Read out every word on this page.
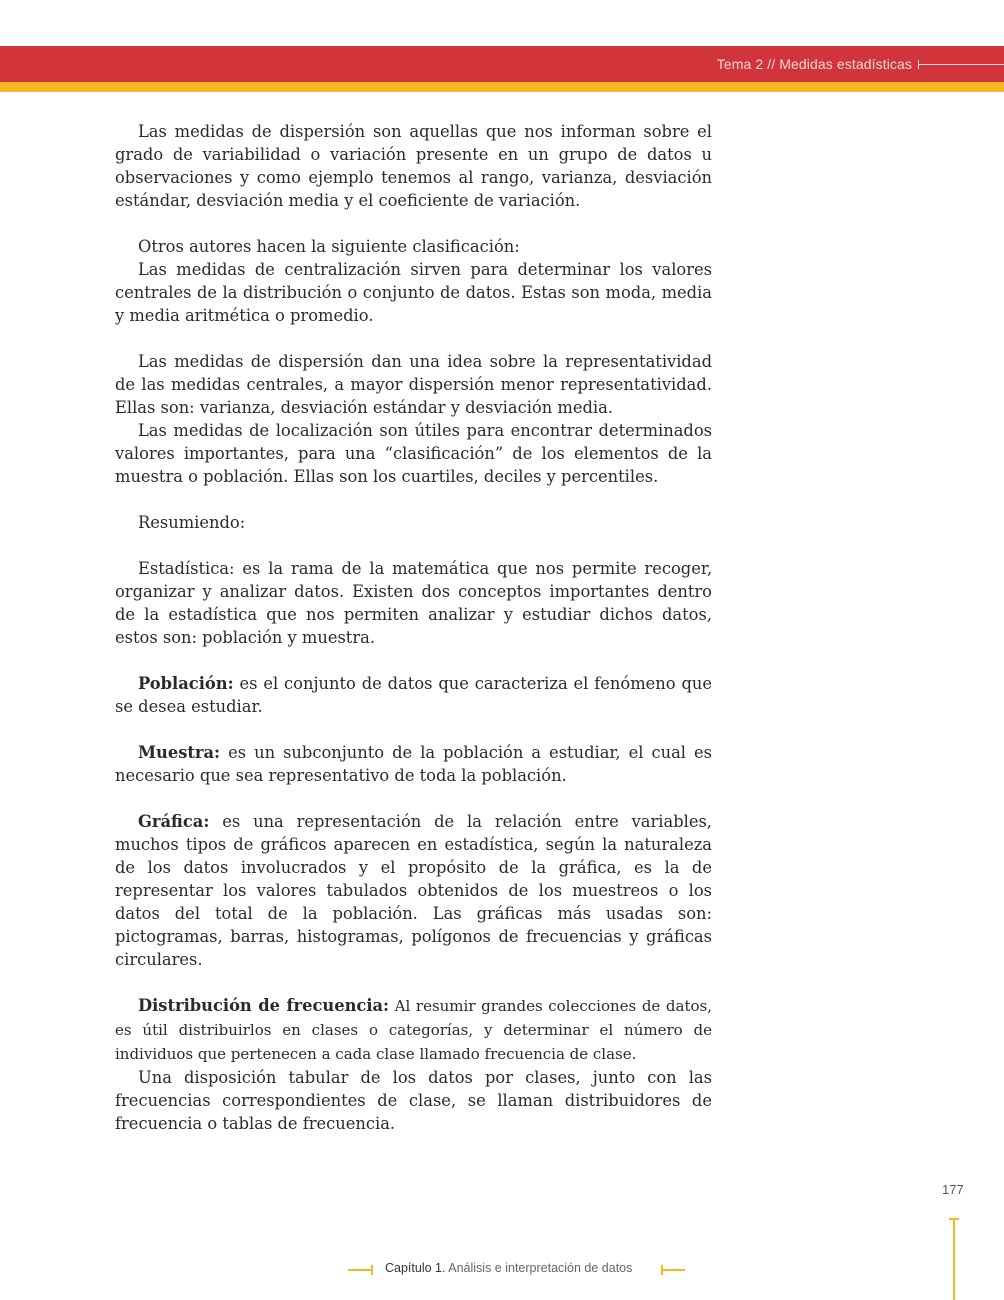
Tema 2 // Medidas estadísticas

Las medidas de dispersión son aquellas que nos informan sobre el grado de variabilidad o variación presente en un grupo de datos u observaciones y como ejemplo tenemos al rango, varianza, desviación estándar, desviación media y el coeficiente de variación.

Otros autores hacen la siguiente clasificación:

Las medidas de centralización sirven para determinar los valores centrales de la distribución o conjunto de datos. Estas son moda, media y media aritmética o promedio.

Las medidas de dispersión dan una idea sobre la representatividad de las medidas centrales, a mayor dispersión menor representatividad. Ellas son: varianza, desviación estándar y desviación media.

Las medidas de localización son útiles para encontrar determinados valores importantes, para una “clasificación” de los elementos de la muestra o población. Ellas son los cuartiles, deciles y percentiles.

Resumiendo:

Estadística: es la rama de la matemática que nos permite recoger, organizar y analizar datos. Existen dos conceptos importantes dentro de la estadística que nos permiten analizar y estudiar dichos datos, estos son: población y muestra.

Población: es el conjunto de datos que caracteriza el fenómeno que se desea estudiar.

Muestra: es un subconjunto de la población a estudiar, el cual es necesario que sea representativo de toda la población.

Gráfica: es una representación de la relación entre variables, muchos tipos de gráficos aparecen en estadística, según la naturaleza de los datos involucrados y el propósito de la gráfica, es la de representar los valores tabulados obtenidos de los muestreos o los datos del total de la población. Las gráficas más usadas son: pictogramas, barras, histogramas, polígonos de frecuencias y gráficas circulares.

Distribución de frecuencia: Al resumir grandes colecciones de datos, es útil distribuirlos en clases o categorías, y determinar el número de individuos que pertenecen a cada clase llamado frecuencia de clase.

Una disposición tabular de los datos por clases, junto con las frecuencias correspondientes de clase, se llaman distribuidores de frecuencia o tablas de frecuencia.

177
Capítulo 1. Análisis e interpretación de datos
